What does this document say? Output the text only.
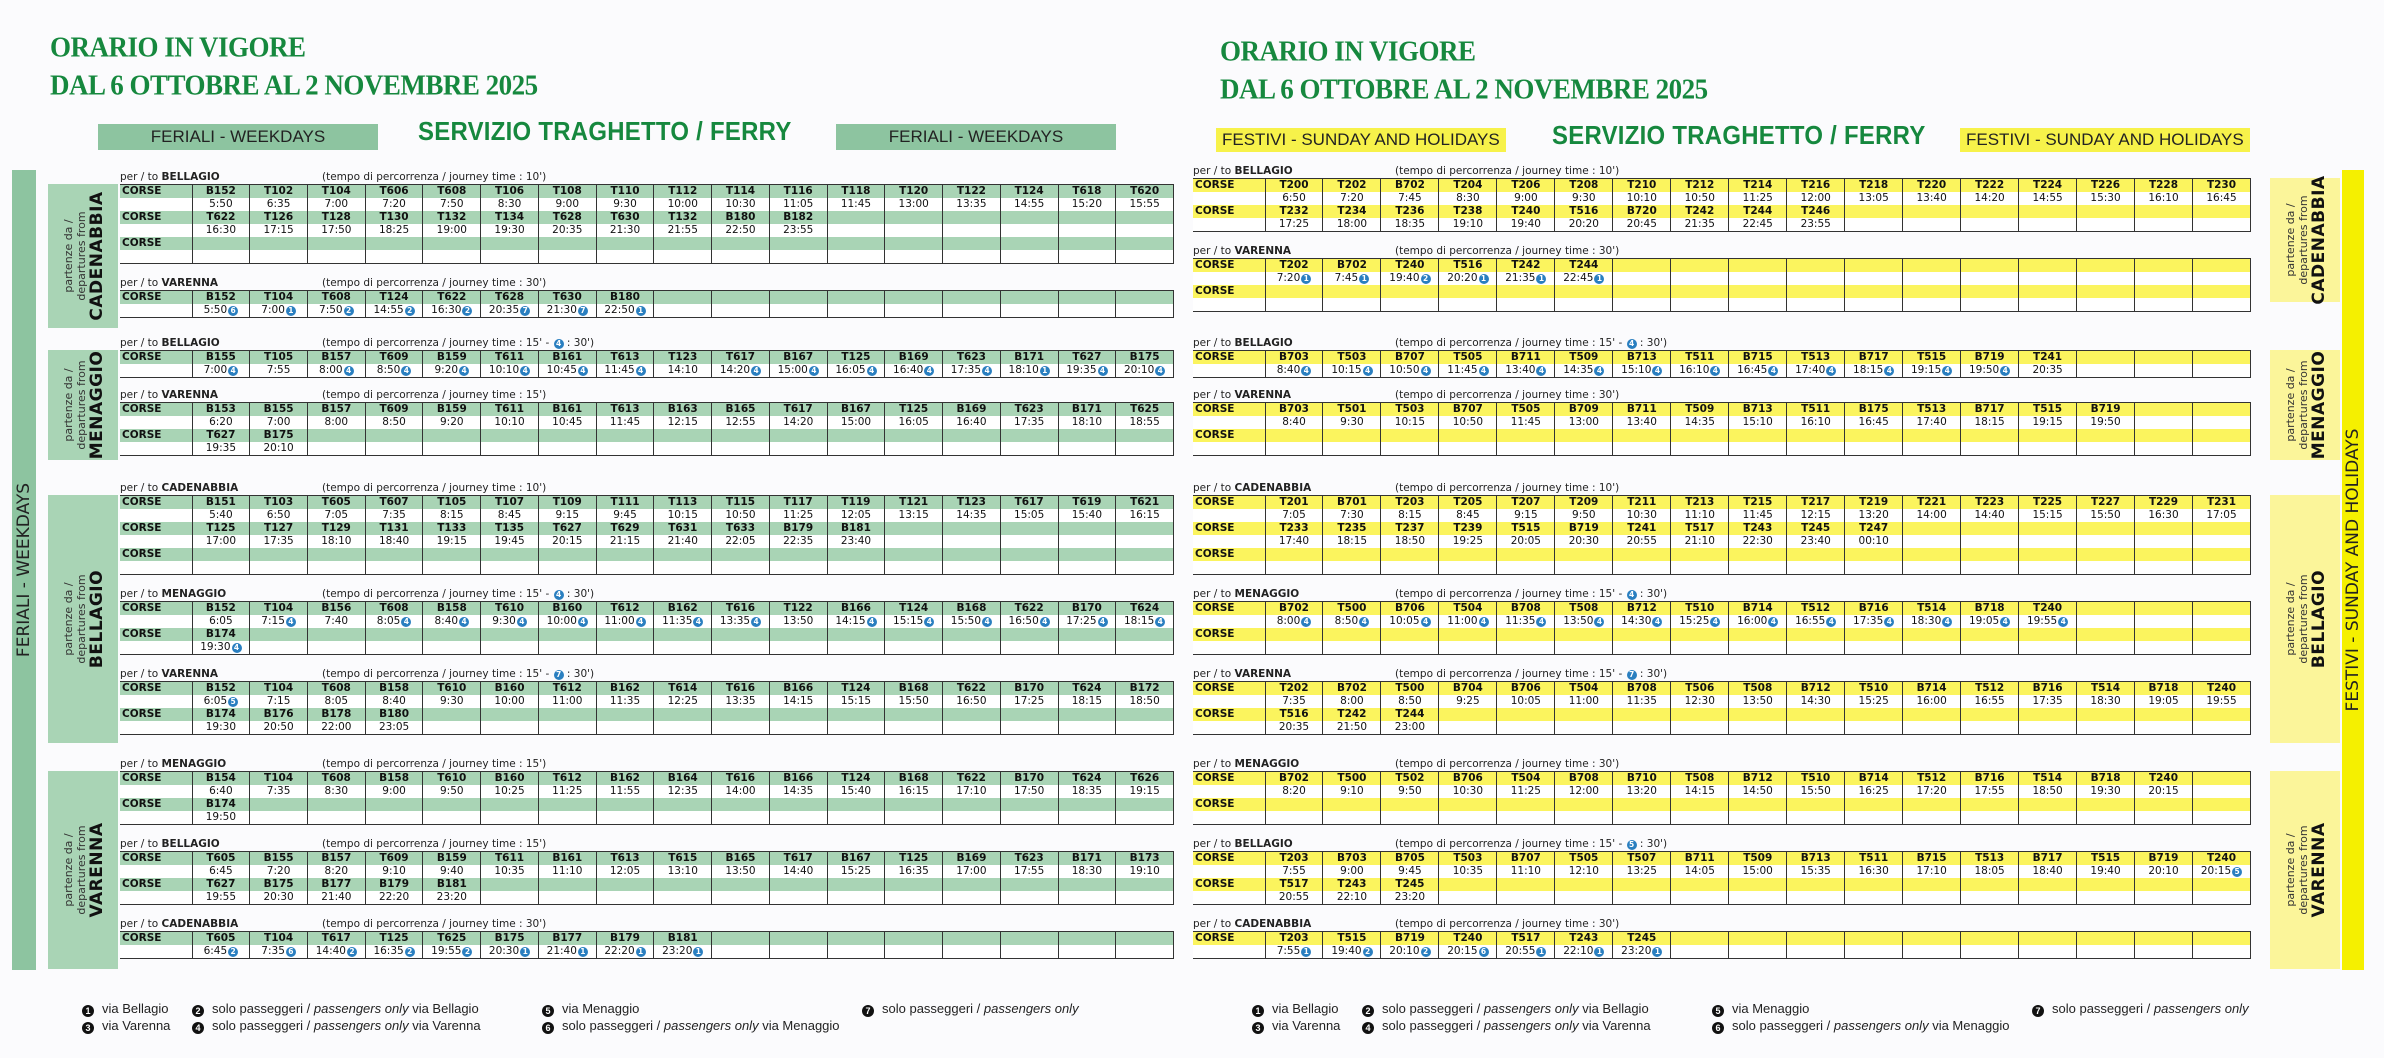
ORARIO IN VIGORE
DAL 6 OTTOBRE AL 2 NOVEMBRE 2025
FERIALI - WEEKDAYS	SERVIZIO TRAGHETTO / FERRY	FERIALI - WEEKDAYS
FERIALI - WEEKDAYS
partenze da / departures from CADENABBIA
per / to BELLAGIO	(tempo di percorrenza / journey time : 10')
CORSE	B152	T102	T104	T606	T608	T106	T108	T110	T112	T114	T116	T118	T120	T122	T124	T618	T620
	5:50	6:35	7:00	7:20	7:50	8:30	9:00	9:30	10:00	10:30	11:05	11:45	13:00	13:35	14:55	15:20	15:55
CORSE	T622	T126	T128	T130	T132	T134	T628	T630	T132	B180	B182						
	16:30	17:15	17:50	18:25	19:00	19:30	20:35	21:30	21:55	22:50	23:55						
CORSE																	

per / to VARENNA	(tempo di percorrenza / journey time : 30')
CORSE	B152	T104	T608	T124	T622	T628	T630	B180									
	5:50 6	7:00 1	7:50 2	14:55 2	16:30 2	20:35 7	21:30 7	22:50 1									
partenze da / departures from MENAGGIO
per / to BELLAGIO	(tempo di percorrenza / journey time : 15' - 4 : 30')
CORSE	B155	T105	B157	T609	B159	T611	B161	T613	T123	T617	B167	T125	B169	T623	B171	T627	B175
	7:00 4	7:55	8:00 4	8:50 4	9:20 4	10:10 4	10:45 4	11:45 4	14:10	14:20 4	15:00 4	16:05 4	16:40 4	17:35 4	18:10 1	19:35 4	20:10 4
per / to VARENNA	(tempo di percorrenza / journey time : 15')
CORSE	B153	B155	B157	T609	B159	T611	B161	T613	B163	B165	T617	B167	T125	B169	T623	B171	T625
	6:20	7:00	8:00	8:50	9:20	10:10	10:45	11:45	12:15	12:55	14:20	15:00	16:05	16:40	17:35	18:10	18:55
CORSE	T627	B175															
	19:35	20:10															
partenze da / departures from BELLAGIO
per / to CADENABBIA	(tempo di percorrenza / journey time : 10')
CORSE	B151	T103	T605	T607	T105	T107	T109	T111	T113	T115	T117	T119	T121	T123	T617	T619	T621
	5:40	6:50	7:05	7:35	8:15	8:45	9:15	9:45	10:15	10:50	11:25	12:05	13:15	14:35	15:05	15:40	16:15
CORSE	T125	T127	T129	T131	T133	T135	T627	T629	T631	T633	B179	B181					
	17:00	17:35	18:10	18:40	19:15	19:45	20:15	21:15	21:40	22:05	22:35	23:40					
CORSE																	

per / to MENAGGIO	(tempo di percorrenza / journey time : 15' - 4 : 30')
CORSE	B152	T104	B156	T608	B158	T610	B160	T612	B162	T616	T122	B166	T124	B168	T622	B170	T624
	6:05	7:15 4	7:40	8:05 4	8:40 4	9:30 4	10:00 4	11:00 4	11:35 4	13:35 4	13:50	14:15 4	15:15 4	15:50 4	16:50 4	17:25 4	18:15 4
CORSE	B174																
	19:30 4																
per / to VARENNA	(tempo di percorrenza / journey time : 15' - 7 : 30')
CORSE	B152	T104	T608	B158	T610	B160	T612	B162	T614	T616	B166	T124	B168	T622	B170	T624	B172
	6:05 5	7:15	8:05	8:40	9:30	10:00	11:00	11:35	12:25	13:35	14:15	15:15	15:50	16:50	17:25	18:15	18:50
CORSE	B174	B176	B178	B180													
	19:30	20:50	22:00	23:05													
partenze da / departures from VARENNA
per / to MENAGGIO	(tempo di percorrenza / journey time : 15')
CORSE	B154	T104	T608	B158	T610	B160	T612	B162	B164	T616	B166	T124	B168	T622	B170	T624	T626
	6:40	7:35	8:30	9:00	9:50	10:25	11:25	11:55	12:35	14:00	14:35	15:40	16:15	17:10	17:50	18:35	19:15
CORSE	B174																
	19:50																
per / to BELLAGIO	(tempo di percorrenza / journey time : 15')
CORSE	T605	B155	B157	T609	B159	T611	B161	T613	T615	B165	T617	B167	T125	B169	T623	B171	B173
	6:45	7:20	8:20	9:10	9:40	10:35	11:10	12:05	13:10	13:50	14:40	15:25	16:35	17:00	17:55	18:30	19:10
CORSE	T627	B175	B177	B179	B181												
	19:55	20:30	21:40	22:20	23:20												
per / to CADENABBIA	(tempo di percorrenza / journey time : 30')
CORSE	T605	T104	T617	T125	T625	B175	B177	B179	B181								
	6:45 2	7:35 6	14:40 2	16:35 2	19:55 2	20:30 1	21:40 1	22:20 1	23:20 1								
1 via Bellagio	2 solo passeggeri / passengers only via Bellagio
3 via Varenna	4 solo passeggeri / passengers only via Varenna
5 via Menaggio
6 solo passeggeri / passengers only via Menaggio
7 solo passeggeri / passengers only
ORARIO IN VIGORE
DAL 6 OTTOBRE AL 2 NOVEMBRE 2025
FESTIVI - SUNDAY AND HOLIDAYS SERVIZIO TRAGHETTO / FERRY	FESTIVI - SUNDAY AND HOLIDAYS
FESTIVI - SUNDAY AND HOLIDAYS
partenze da / departures from CADENABBIA
per / to BELLAGIO	(tempo di percorrenza / journey time : 10')
CORSE	T200	T202	B702	T204	T206	T208	T210	T212	T214	T216	T218	T220	T222	T224	T226	T228	T230
	6:50	7:20	7:45	8:30	9:00	9:30	10:10	10:50	11:25	12:00	13:05	13:40	14:20	14:55	15:30	16:10	16:45
CORSE	T232	T234	T236	T238	T240	T516	B720	T242	T244	T246							
	17:25	18:00	18:35	19:10	19:40	20:20	20:45	21:35	22:45	23:55							
per / to VARENNA	(tempo di percorrenza / journey time : 30')
CORSE	T202	B702	T240	T516	T242	T244											
	7:20 1	7:45 1	19:40 2	20:20 1	21:35 1	22:45 1											
CORSE																	

partenze da / departures from MENAGGIO
per / to BELLAGIO	(tempo di percorrenza / journey time : 15' - 4 : 30')
CORSE	B703	T503	B707	T505	B711	T509	B713	T511	B715	T513	B717	T515	B719	T241			
	8:40 4	10:15 4	10:50 4	11:45 4	13:40 4	14:35 4	15:10 4	16:10 4	16:45 4	17:40 4	18:15 4	19:15 4	19:50 4	20:35			
per / to VARENNA	(tempo di percorrenza / journey time : 30')
CORSE	B703	T501	T503	B707	T505	B709	B711	T509	B713	T511	B175	T513	B717	T515	B719		
	8:40	9:30	10:15	10:50	11:45	13:00	13:40	14:35	15:10	16:10	16:45	17:40	18:15	19:15	19:50		
CORSE																	

partenze da / departures from BELLAGIO
per / to CADENABBIA	(tempo di percorrenza / journey time : 10')
CORSE	T201	B701	T203	T205	T207	T209	T211	T213	T215	T217	T219	T221	T223	T225	T227	T229	T231
	7:05	7:30	8:15	8:45	9:15	9:50	10:30	11:10	11:45	12:15	13:20	14:00	14:40	15:15	15:50	16:30	17:05
CORSE	T233	T235	T237	T239	T515	B719	T241	T517	T243	T245	T247						
	17:40	18:15	18:50	19:25	20:05	20:30	20:55	21:10	22:30	23:40	00:10						
CORSE																	

per / to MENAGGIO	(tempo di percorrenza / journey time : 15' - 4 : 30')
CORSE	B702	T500	B706	T504	B708	T508	B712	T510	B714	T512	B716	T514	B718	T240			
	8:00 4	8:50 4	10:05 4	11:00 4	11:35 4	13:50 4	14:30 4	15:25 4	16:00 4	16:55 4	17:35 4	18:30 4	19:05 4	19:55 4			
CORSE																	

per / to VARENNA	(tempo di percorrenza / journey time : 15' - 7 : 30')
CORSE	T202	B702	T500	B704	B706	T504	B708	T506	T508	B712	T510	B714	T512	B716	T514	B718	T240
	7:35	8:00	8:50	9:25	10:05	11:00	11:35	12:30	13:50	14:30	15:25	16:00	16:55	17:35	18:30	19:05	19:55
CORSE	T516	T242	T244														
	20:35	21:50	23:00														
partenze da / departures from VARENNA
per / to MENAGGIO	(tempo di percorrenza / journey time : 30')
CORSE	B702	T500	T502	B706	T504	B708	B710	T508	B712	T510	B714	T512	B716	T514	B718	T240	
	8:20	9:10	9:50	10:30	11:25	12:00	13:20	14:15	14:50	15:50	16:25	17:20	17:55	18:50	19:30	20:15	
CORSE																	

per / to BELLAGIO	(tempo di percorrenza / journey time : 15' - 5 : 30')
CORSE	T203	B703	B705	T503	B707	T505	T507	B711	T509	B713	T511	B715	T513	B717	T515	B719	T240
	7:55	9:00	9:45	10:35	11:10	12:10	13:25	14:05	15:00	15:35	16:30	17:10	18:05	18:40	19:40	20:10	20:15 5
CORSE	T517	T243	T245														
	20:55	22:10	23:20														
per / to CADENABBIA	(tempo di percorrenza / journey time : 30')
CORSE	T203	T515	B719	T240	T517	T243	T245										
	7:55 1	19:40 2	20:10 2	20:15 6	20:55 1	22:10 1	23:20 1										
1 via Bellagio	2 solo passeggeri / passengers only via Bellagio
3 via Varenna	4 solo passeggeri / passengers only via Varenna
5 via Menaggio
6 solo passeggeri / passengers only via Menaggio
7 solo passeggeri / passengers only
